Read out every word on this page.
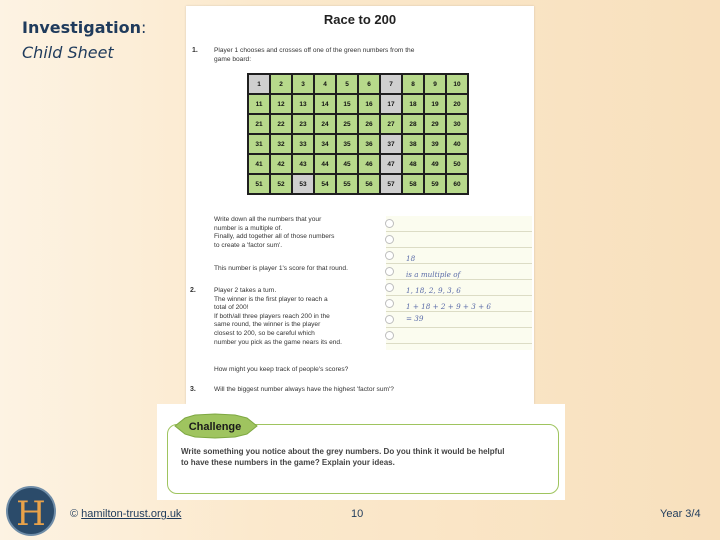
Investigation:
Child Sheet
Race to 200
1. Player 1 chooses and crosses off one of the green numbers from the
game board:
1	2	3	4	5	6	7	8	9	10
11	12	13	14	15	16	17	18	19	20
21	22	23	24	25	26	27	28	29	30
31	32	33	34	35	36	37	38	39	40
41	42	43	44	45	46	47	48	49	50
51	52	53	54	55	56	57	58	59	60
Write down all the numbers that your
number is a multiple of.
Finally, add together all of those numbers
to create a 'factor sum'.
This number is player 1's score for that round.
2.	Player 2 takes a turn.
The winner is the first player to reach a
total of 200!
If both/all three players reach 200 in the
same round, the winner is the player
closest to 200, so be careful which
number you pick as the game nears its end.
How might you keep track of people's scores?
3.	Will the biggest number always have the highest 'factor sum'?
18
is a multiple of
1, 18, 2, 9, 3, 6
1 + 18 + 2 + 9 + 3 + 6
= 39
Challenge
Write something you notice about the grey numbers. Do you think it would be helpful
to have these numbers in the game? Explain your ideas.
H © hamilton-trust.org.uk	10	Year 3/4
